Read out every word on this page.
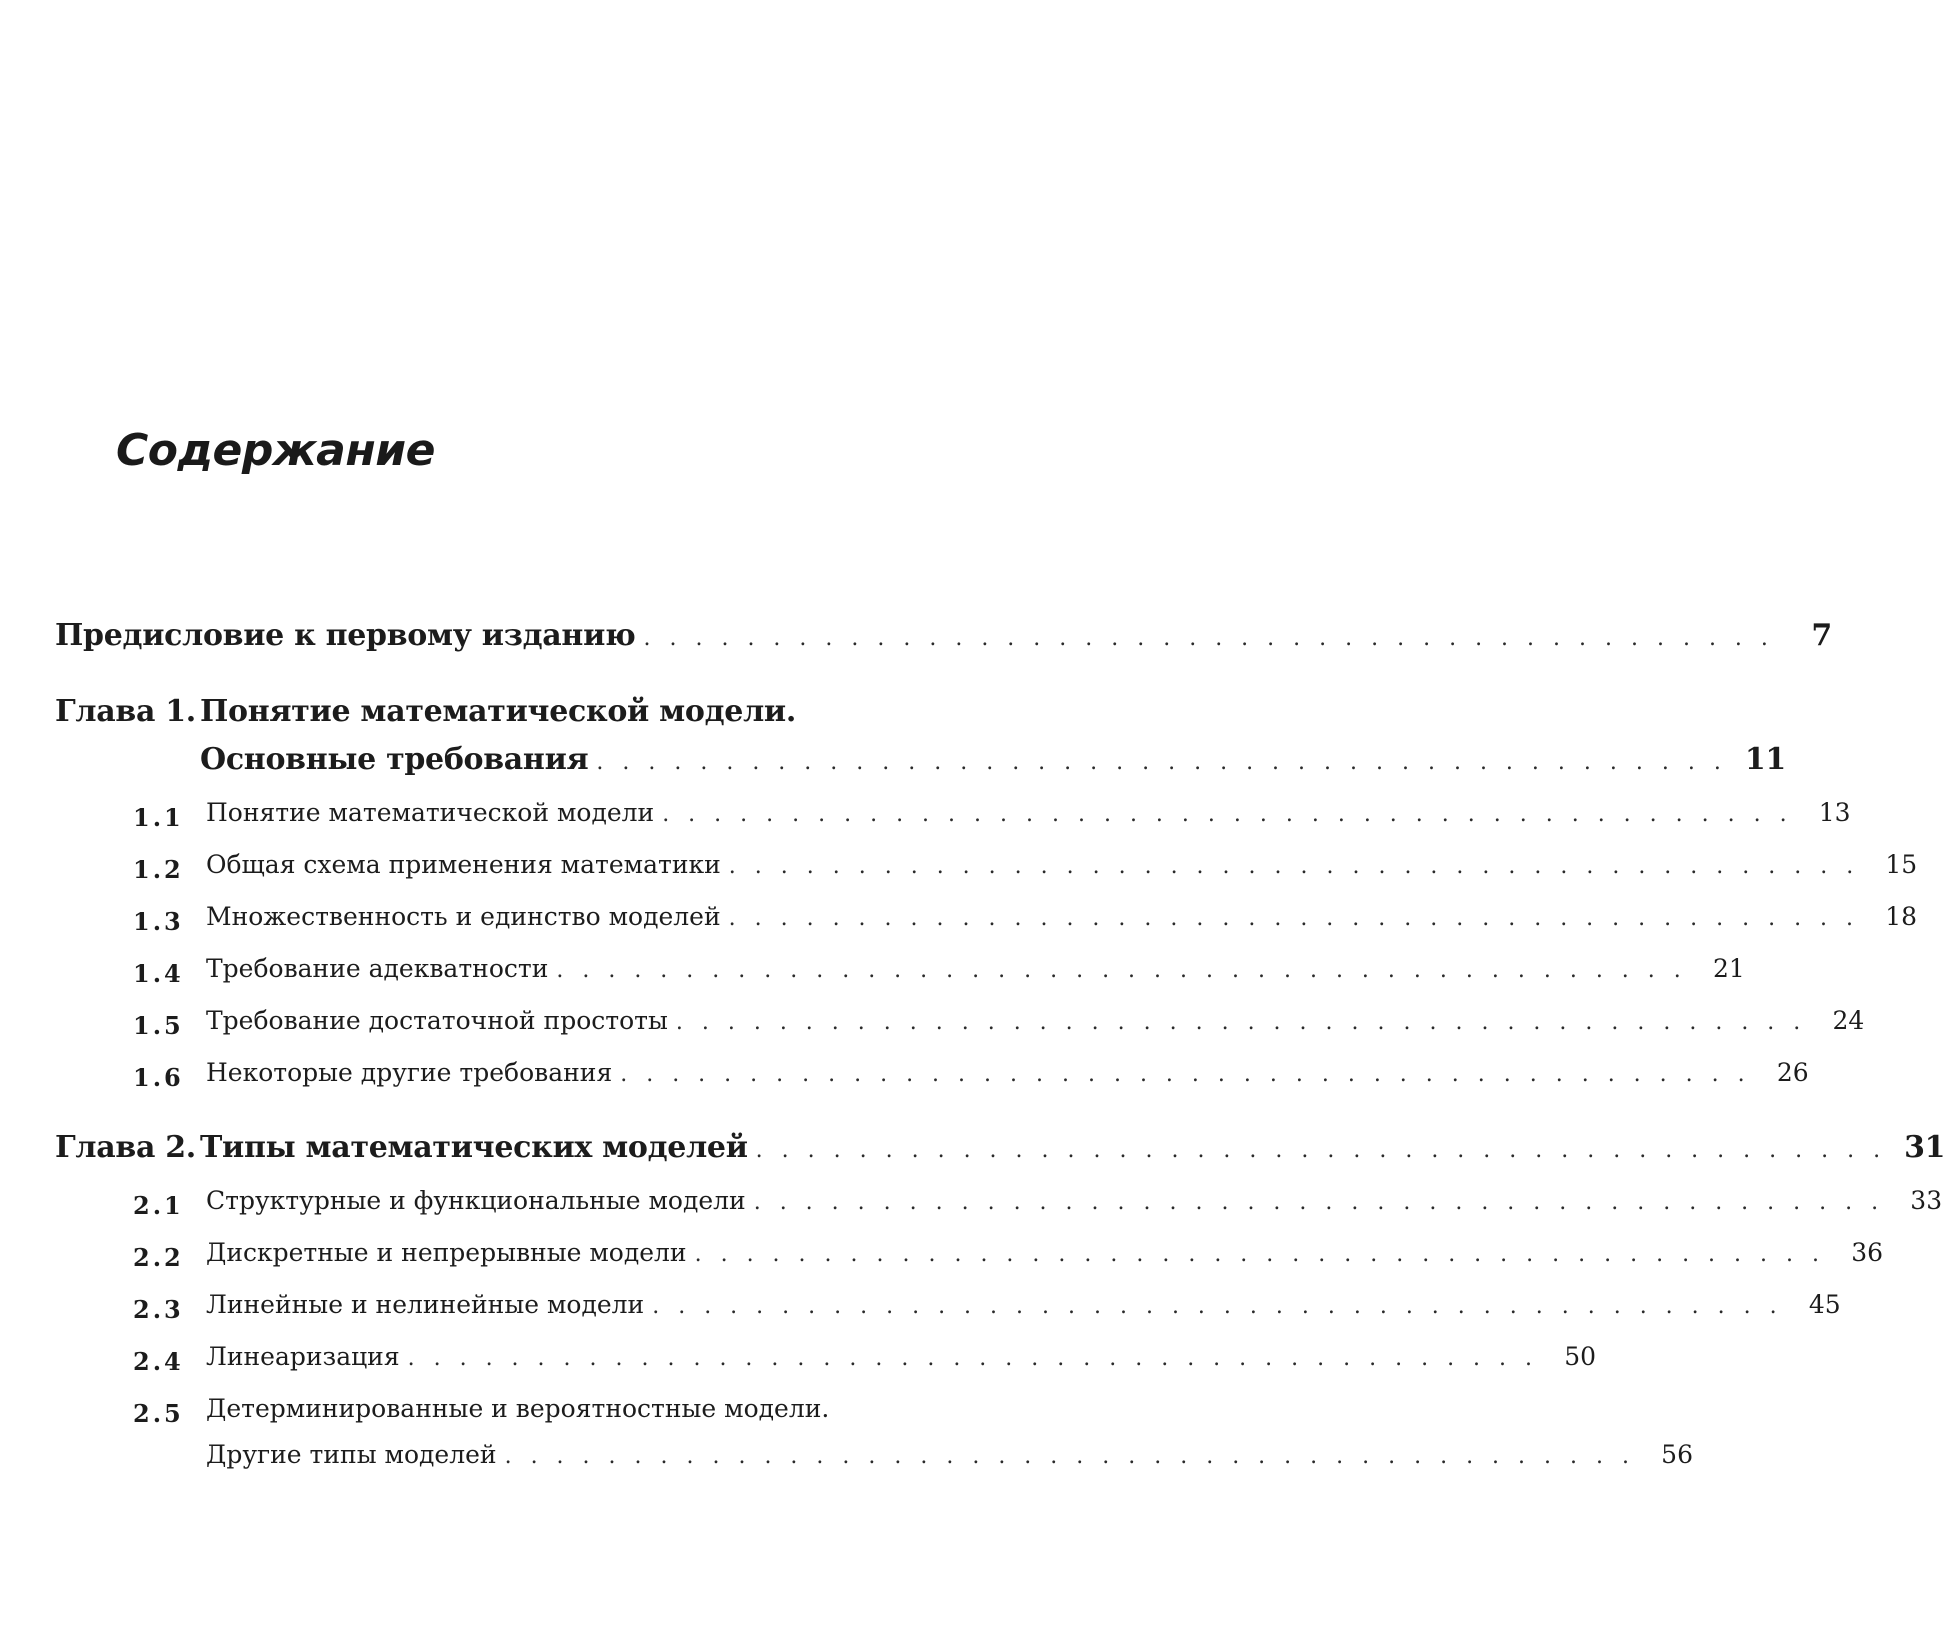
Содержание
Предисловие к первому изданию . . . . . . . . . . . . . . . . . . . . . . . . . . . . . . . . . . . . . . . . . . . .	7
Глава 1. Понятие математической модели.
Основные требования . . . . . . . . . . . . . . . . . . . . . . . . . . . . . . . . . . . . . . . . . . . . 11
1.1 Понятие математической модели . . . . . . . . . . . . . . . . . . . . . . . . . . . . . . . . . . . . . . . . . . . .	13
1.2 Общая схема применения математики . . . . . . . . . . . . . . . . . . . . . . . . . . . . . . . . . . . . . . . . . . . .	15
1.3 Множественность и единство моделей . . . . . . . . . . . . . . . . . . . . . . . . . . . . . . . . . . . . . . . . . . . .	18
1.4 Требование адекватности . . . . . . . . . . . . . . . . . . . . . . . . . . . . . . . . . . . . . . . . . . . .	21
1.5 Требование достаточной простоты . . . . . . . . . . . . . . . . . . . . . . . . . . . . . . . . . . . . . . . . . . . .	24
1.6 Некоторые другие требования . . . . . . . . . . . . . . . . . . . . . . . . . . . . . . . . . . . . . . . . . . . .	26
Глава 2. Типы математических моделей . . . . . . . . . . . . . . . . . . . . . . . . . . . . . . . . . . . . . . . . . . . . 31
2.1 Структурные и функциональные модели . . . . . . . . . . . . . . . . . . . . . . . . . . . . . . . . . . . . . . . . . . . .	33
2.2 Дискретные и непрерывные модели . . . . . . . . . . . . . . . . . . . . . . . . . . . . . . . . . . . . . . . . . . . .	36
2.3 Линейные и нелинейные модели . . . . . . . . . . . . . . . . . . . . . . . . . . . . . . . . . . . . . . . . . . . .	45
2.4 Линеаризация . . . . . . . . . . . . . . . . . . . . . . . . . . . . . . . . . . . . . . . . . . . .	50
2.5 Детерминированные и вероятностные модели.
Другие типы моделей . . . . . . . . . . . . . . . . . . . . . . . . . . . . . . . . . . . . . . . . . . . .	56
